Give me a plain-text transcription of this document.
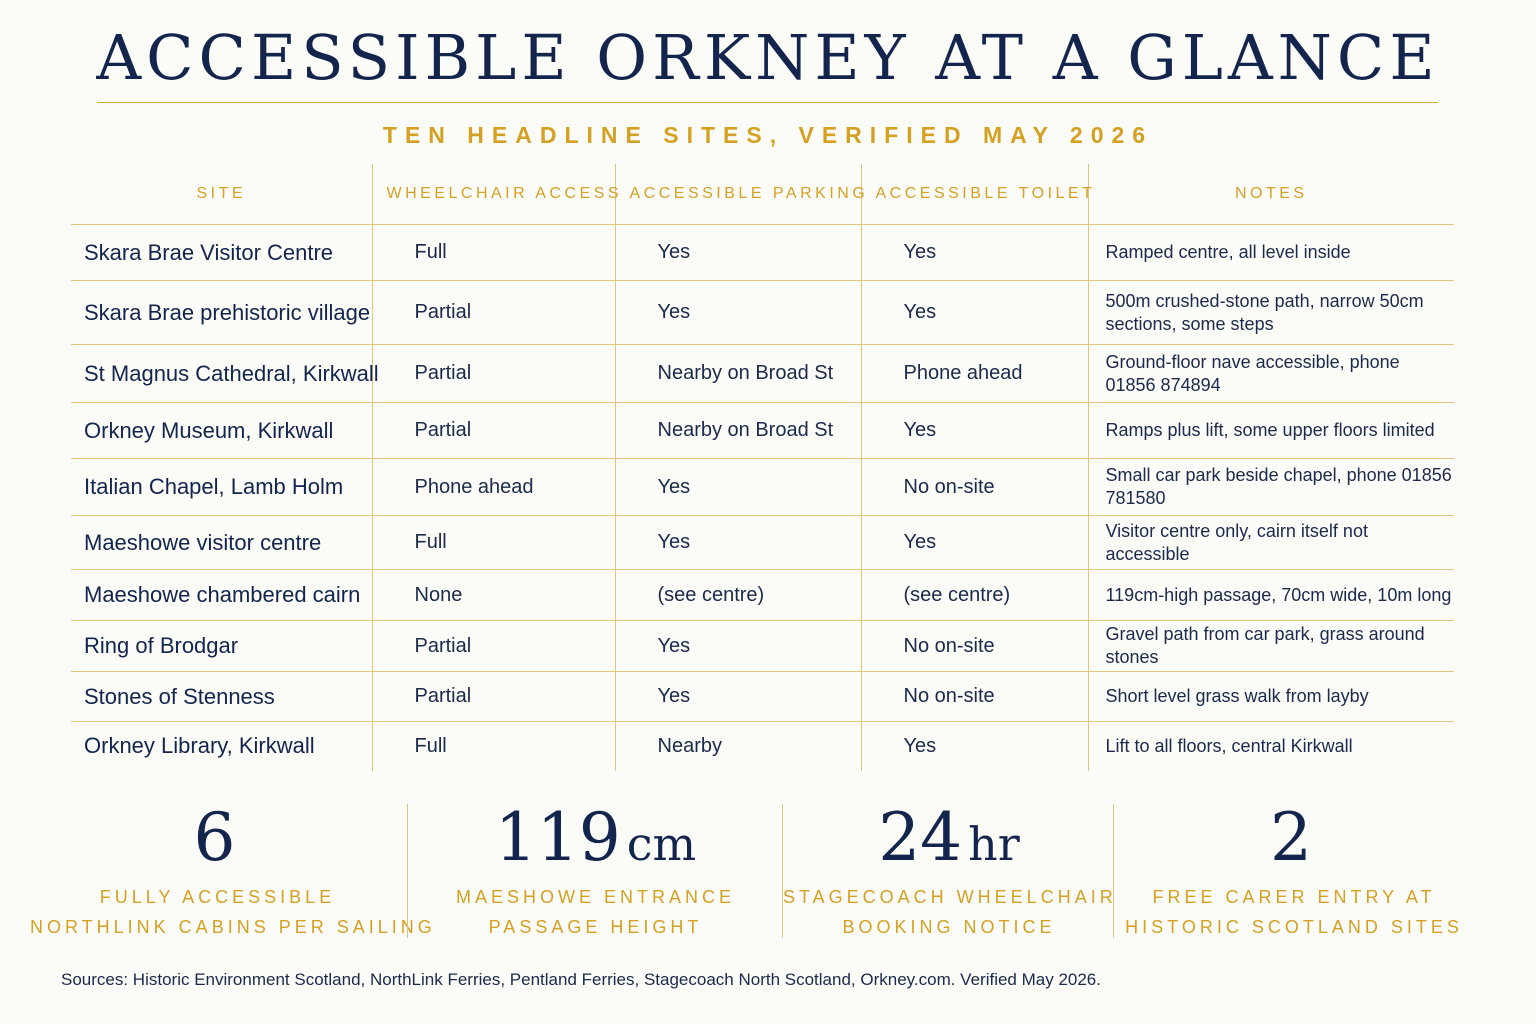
ACCESSIBLE ORKNEY AT A GLANCE
TEN HEADLINE SITES, VERIFIED MAY 2026
SITE	WHEELCHAIR ACCESS	ACCESSIBLE PARKING	ACCESSIBLE TOILET	NOTES
Skara Brae Visitor Centre	Full	Yes	Yes	Ramped centre, all level inside
Skara Brae prehistoric village	Partial	Yes	Yes	500m crushed-stone path, narrow 50cm sections, some steps
St Magnus Cathedral, Kirkwall	Partial	Nearby on Broad St	Phone ahead	Ground-floor nave accessible, phone 01856 874894
Orkney Museum, Kirkwall	Partial	Nearby on Broad St	Yes	Ramps plus lift, some upper floors limited
Italian Chapel, Lamb Holm	Phone ahead	Yes	No on-site	Small car park beside chapel, phone 01856 781580
Maeshowe visitor centre	Full	Yes	Yes	Visitor centre only, cairn itself not accessible
Maeshowe chambered cairn	None	(see centre)	(see centre)	119cm-high passage, 70cm wide, 10m long
Ring of Brodgar	Partial	Yes	No on-site	Gravel path from car park, grass around stones
Stones of Stenness	Partial	Yes	No on-site	Short level grass walk from layby
Orkney Library, Kirkwall	Full	Nearby	Yes	Lift to all floors, central Kirkwall
6
FULLY ACCESSIBLE
NORTHLINK CABINS PER SAILING
119 cm
MAESHOWE ENTRANCE
PASSAGE HEIGHT
24 hr
STAGECOACH WHEELCHAIR
BOOKING NOTICE
2
FREE CARER ENTRY AT
HISTORIC SCOTLAND SITES
Sources: Historic Environment Scotland, NorthLink Ferries, Pentland Ferries, Stagecoach North Scotland, Orkney.com. Verified May 2026.
